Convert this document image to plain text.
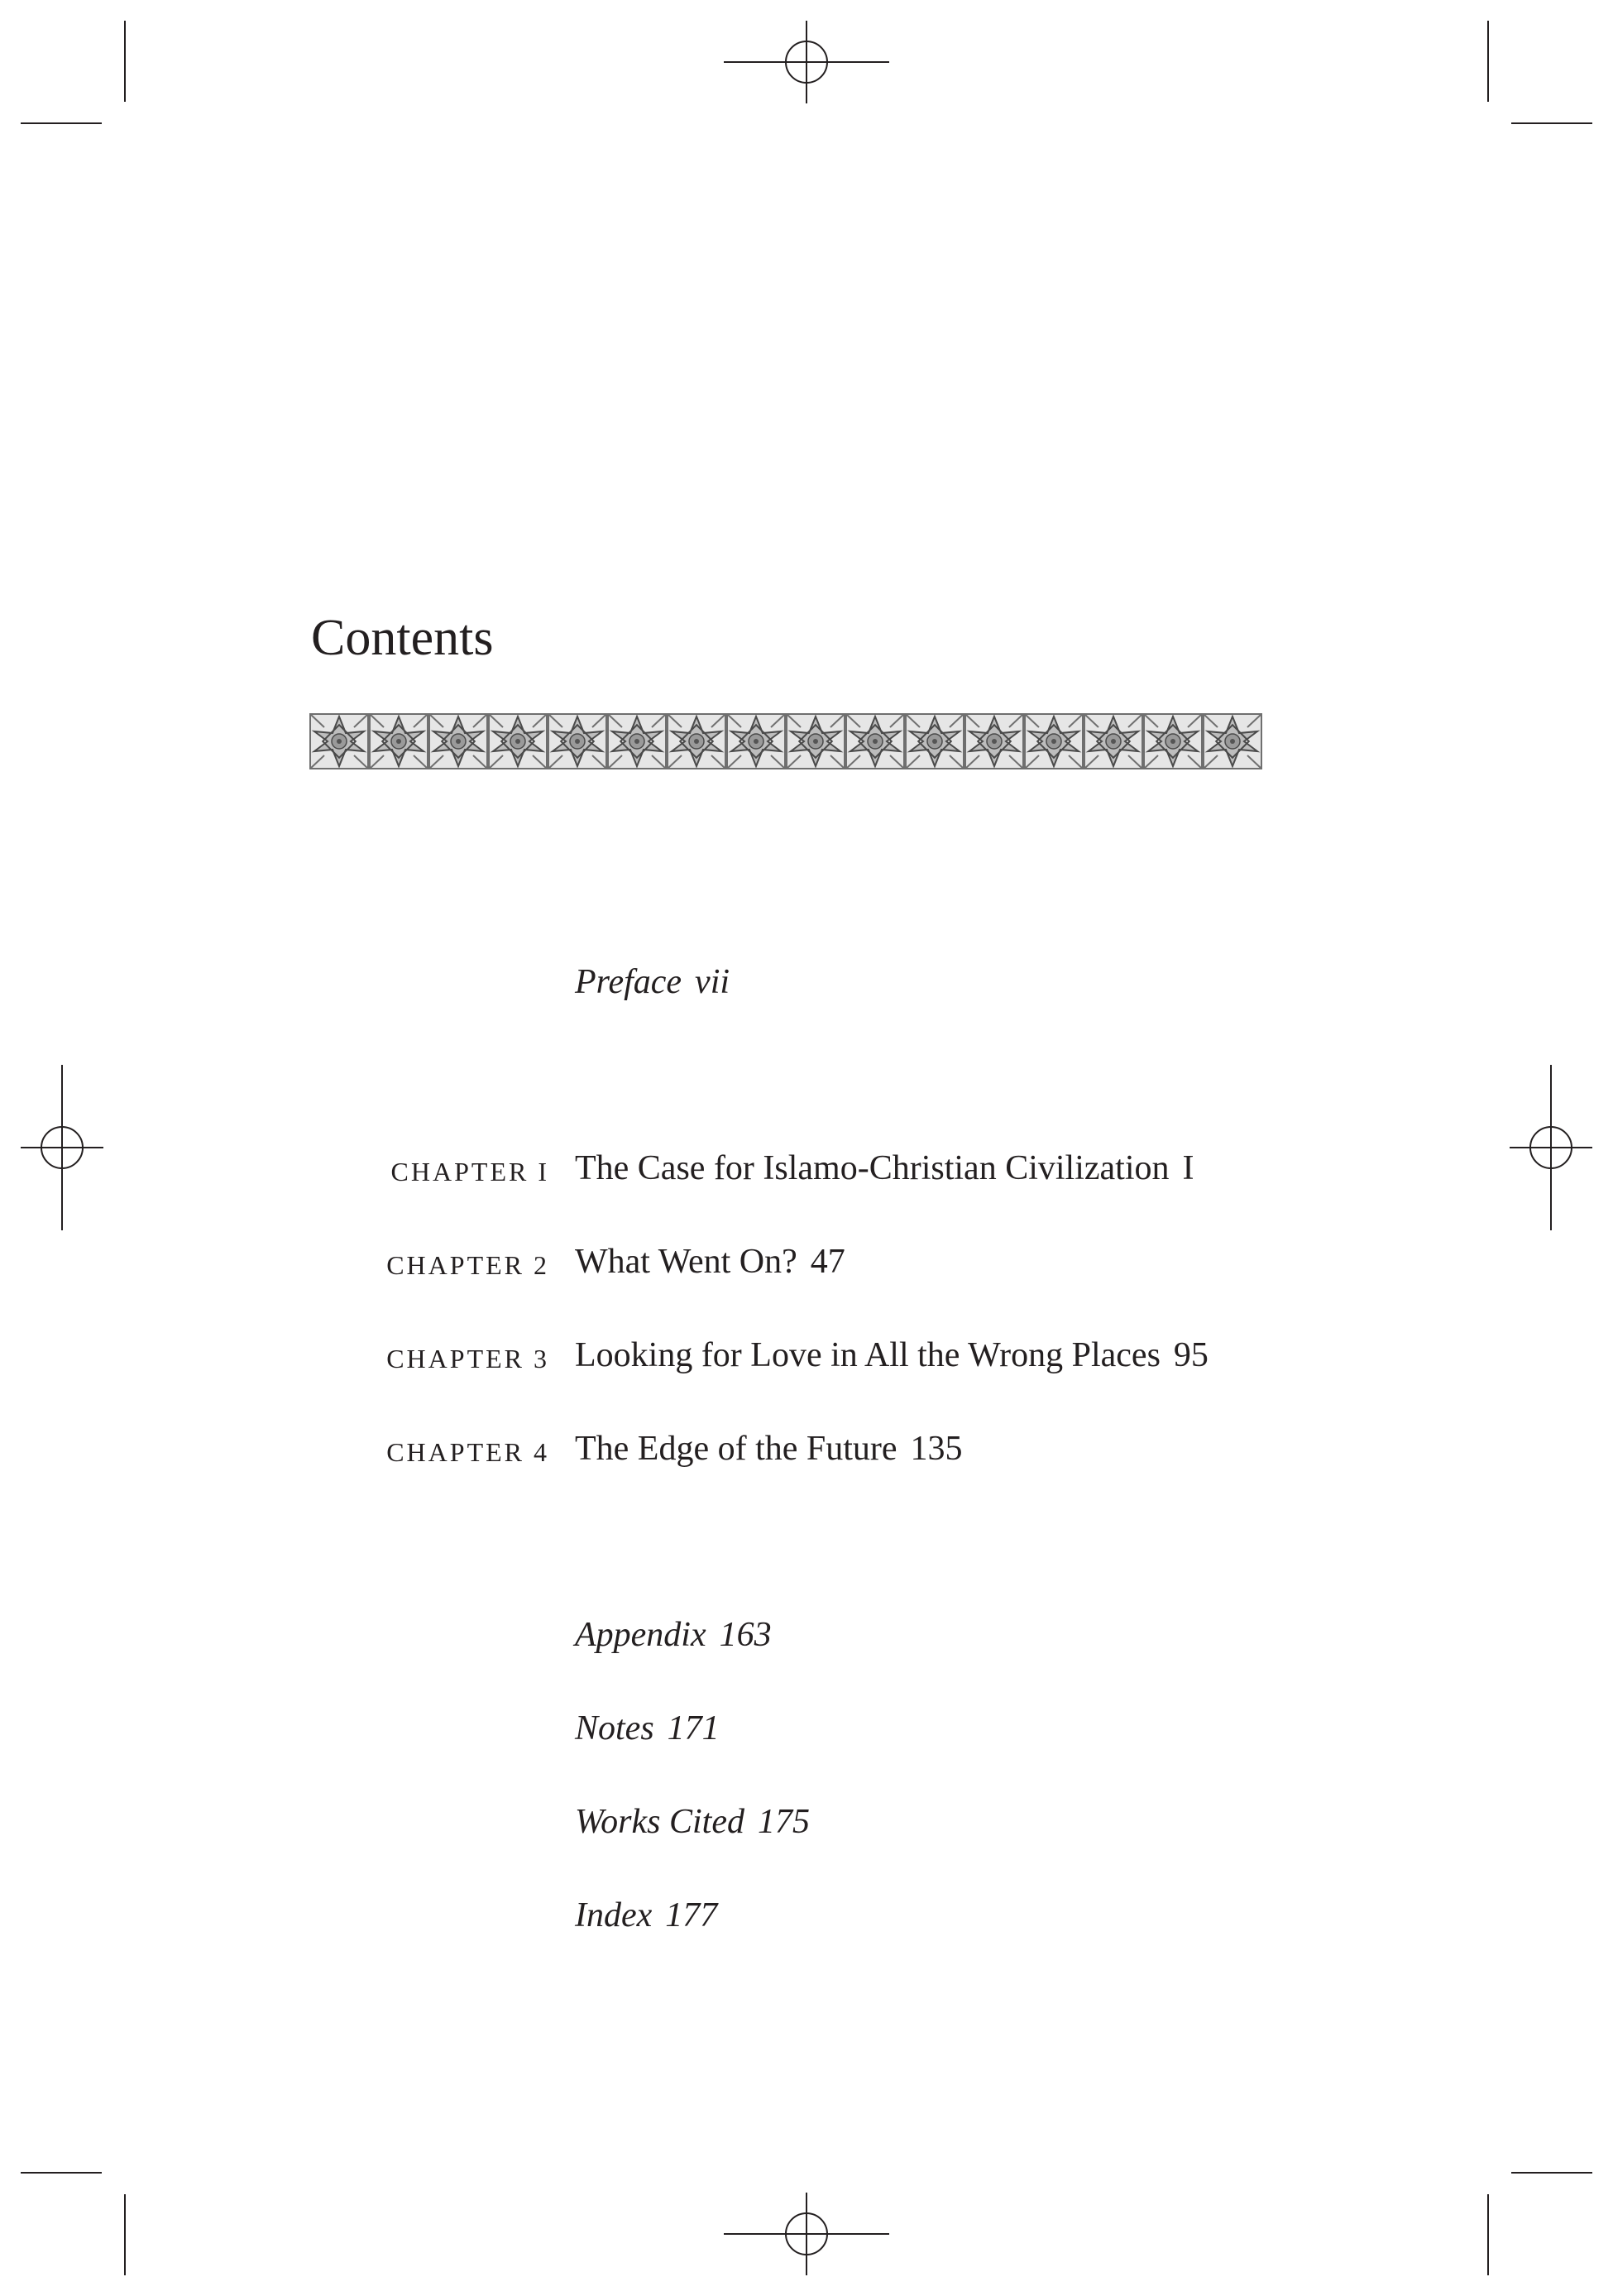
Contents
Preface vii
CHAPTER I The Case for Islamo-Christian Civilization I
CHAPTER 2 What Went On? 47
CHAPTER 3 Looking for Love in All the Wrong Places 95
CHAPTER 4 The Edge of the Future 135
Appendix 163
Notes 171
Works Cited 175
Index 177
